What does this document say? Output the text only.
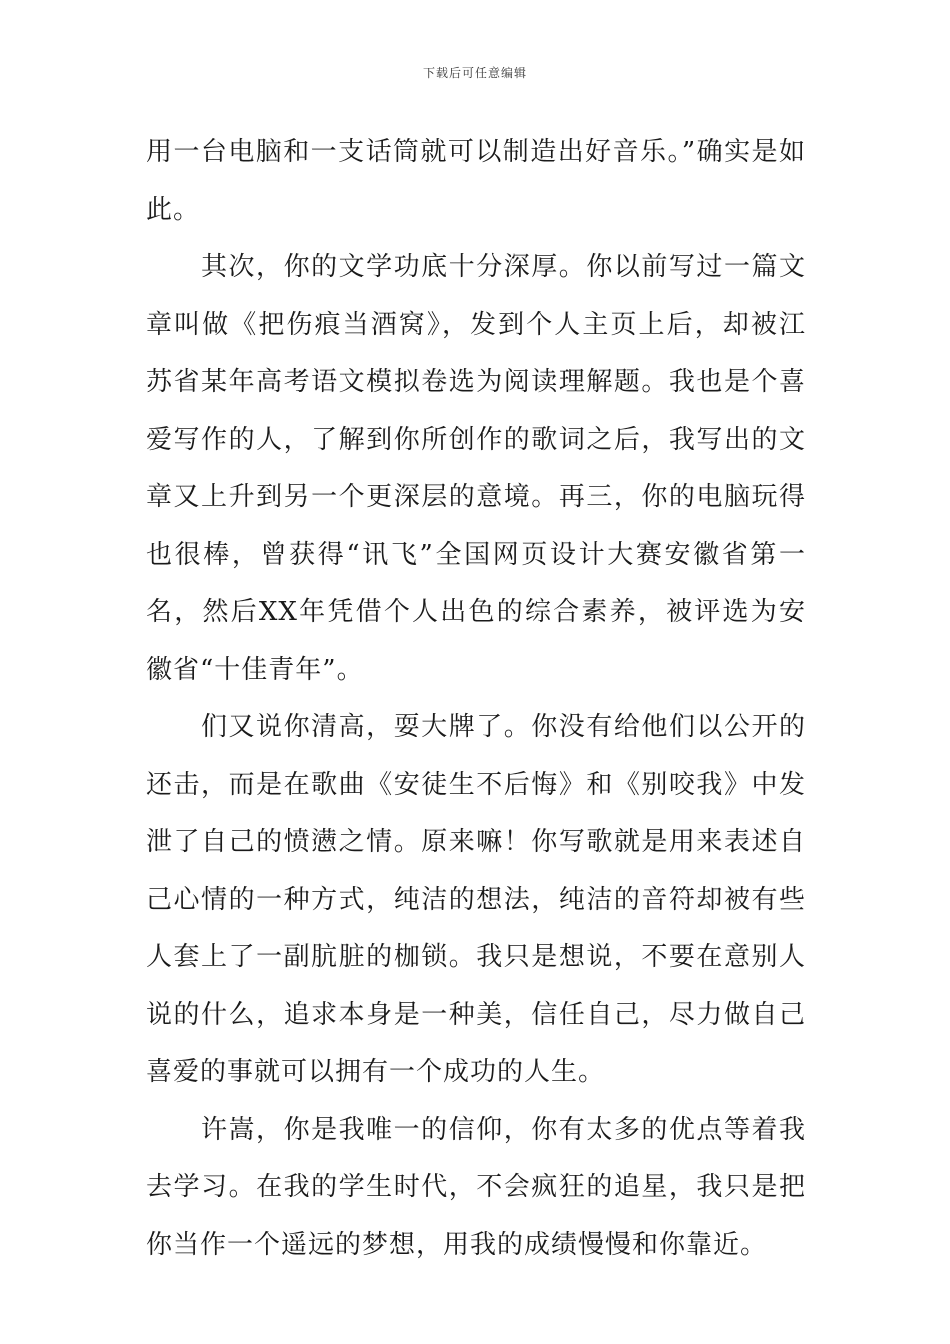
下载后可任意编辑

用一台电脑和一支话筒就可以制造出好音乐。”确实是如此。

其次，你的文学功底十分深厚。你以前写过一篇文章叫做《把伤痕当酒窝》，发到个人主页上后，却被江苏省某年高考语文模拟卷选为阅读理解题。我也是个喜爱写作的人，了解到你所创作的歌词之后，我写出的文章又上升到另一个更深层的意境。再三，你的电脑玩得也很棒，曾获得“讯飞”全国网页设计大赛安徽省第一名，然后XX年凭借个人出色的综合素养，被评选为安徽省“十佳青年”。

们又说你清高，耍大牌了。你没有给他们以公开的还击，而是在歌曲《安徒生不后悔》和《别咬我》中发泄了自己的愤懑之情。原来嘛！你写歌就是用来表述自己心情的一种方式，纯洁的想法，纯洁的音符却被有些人套上了一副肮脏的枷锁。我只是想说，不要在意别人说的什么，追求本身是一种美，信任自己，尽力做自己喜爱的事就可以拥有一个成功的人生。

许嵩，你是我唯一的信仰，你有太多的优点等着我去学习。在我的学生时代，不会疯狂的追星，我只是把你当作一个遥远的梦想，用我的成绩慢慢和你靠近。
